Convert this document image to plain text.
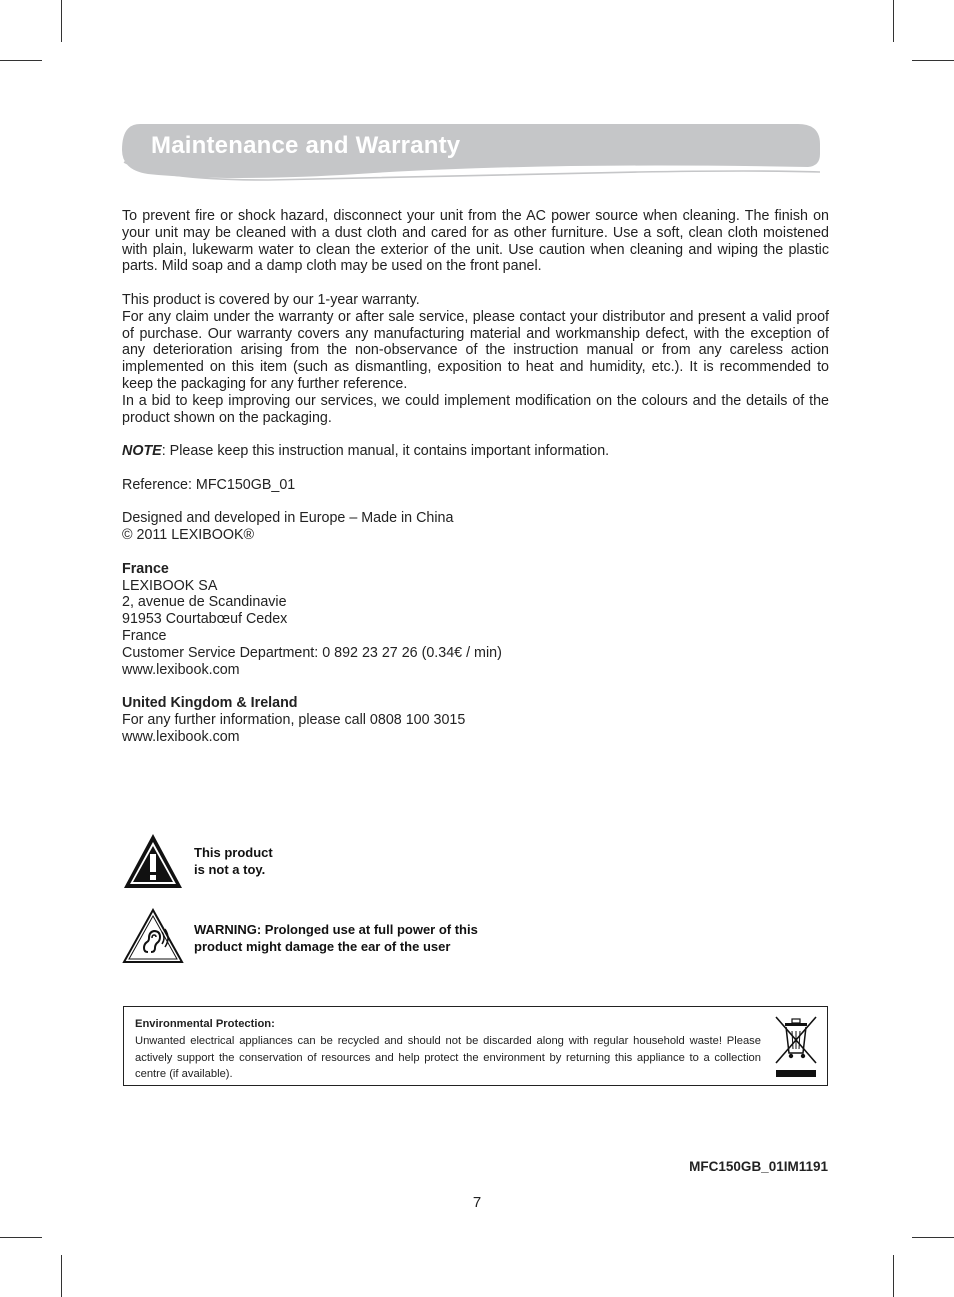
Maintenance and Warranty

To prevent fire or shock hazard, disconnect your unit from the AC power source when cleaning. The finish on your unit may be cleaned with a dust cloth and cared for as other furniture. Use a soft, clean cloth moistened with plain, lukewarm water to clean the exterior of the unit. Use caution when cleaning and wiping the plastic parts. Mild soap and a damp cloth may be used on the front panel.

This product is covered by our 1-year warranty.

For any claim under the warranty or after sale service, please contact your distributor and present a valid proof of purchase. Our warranty covers any manufacturing material and workmanship defect, with the exception of any deterioration arising from the non-observance of the instruction manual or from any careless action implemented on this item (such as dismantling, exposition to heat and humidity, etc.). It is recommended to keep the packaging for any further reference.

In a bid to keep improving our services, we could implement modification on the colours and the details of the product shown on the packaging.

NOTE: Please keep this instruction manual, it contains important information.

Reference: MFC150GB_01

Designed and developed in Europe – Made in China
© 2011 LEXIBOOK®
France
LEXIBOOK SA
2, avenue de Scandinavie
91953 Courtabœuf Cedex
France
Customer Service Department: 0 892 23 27 26 (0.34€ / min)
www.lexibook.com
United Kingdom & Ireland
For any further information, please call 0808 100 3015
www.lexibook.com
This product
is not a toy.
WARNING: Prolonged use at full power of this
product might damage the ear of the user
Environmental Protection:
Unwanted electrical appliances can be recycled and should not be discarded along with regular household waste! Please actively support the conservation of resources and help protect the environment by returning this appliance to a collection centre (if available).
MFC150GB_01IM1191
7
